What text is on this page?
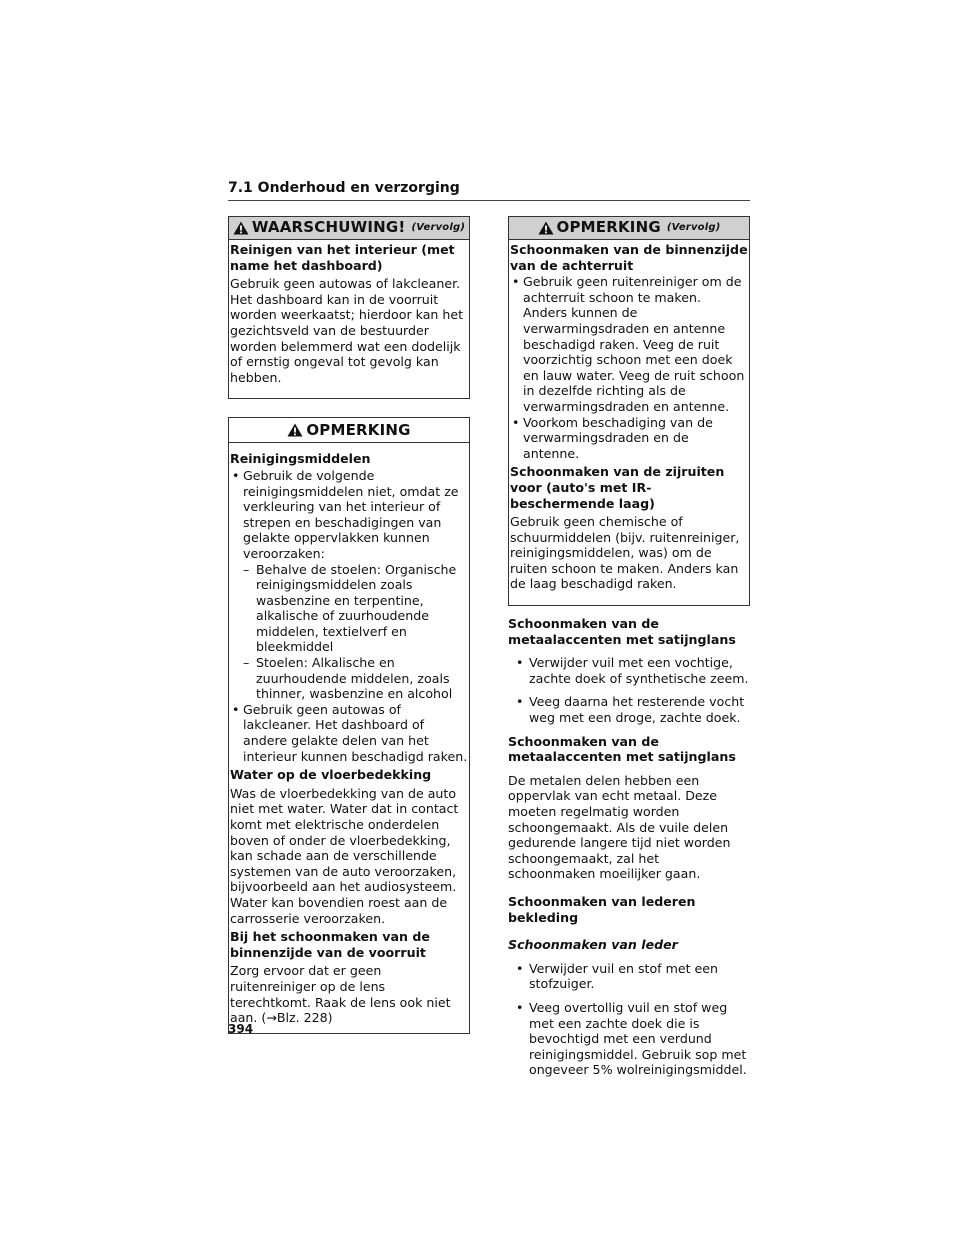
7.1 Onderhoud en verzorging
WAARSCHUWING! (Vervolg)

Reinigen van het interieur (met name het dashboard)

Gebruik geen autowas of lakcleaner. Het dashboard kan in de voorruit worden weerkaatst; hierdoor kan het gezichtsveld van de bestuurder worden belemmerd wat een dodelijk of ernstig ongeval tot gevolg kan hebben.

OPMERKING

Reinigingsmiddelen

• Gebruik de volgende reinigingsmiddelen niet, omdat ze verkleuring van het interieur of strepen en beschadigingen van gelakte oppervlakken kunnen veroorzaken:
– Behalve de stoelen: Organische reinigingsmiddelen zoals wasbenzine en terpentine, alkalische of zuurhoudende middelen, textielverf en bleekmiddel
– Stoelen: Alkalische en zuurhoudende middelen, zoals thinner, wasbenzine en alcohol
• Gebruik geen autowas of lakcleaner. Het dashboard of andere gelakte delen van het interieur kunnen beschadigd raken.

Water op de vloerbedekking

Was de vloerbedekking van de auto niet met water. Water dat in contact komt met elektrische onderdelen boven of onder de vloerbedekking, kan schade aan de verschillende systemen van de auto veroorzaken, bijvoorbeeld aan het audiosysteem. Water kan bovendien roest aan de carrosserie veroorzaken.

Bij het schoonmaken van de binnenzijde van de voorruit

Zorg ervoor dat er geen ruitenreiniger op de lens terechtkomt. Raak de lens ook niet aan. (→Blz. 228)

OPMERKING (Vervolg)

Schoonmaken van de binnenzijde van de achterruit

• Gebruik geen ruitenreiniger om de achterruit schoon te maken. Anders kunnen de verwarmingsdraden en antenne beschadigd raken. Veeg de ruit voorzichtig schoon met een doek en lauw water. Veeg de ruit schoon in dezelfde richting als de verwarmingsdraden en antenne.
• Voorkom beschadiging van de verwarmingsdraden en de antenne.

Schoonmaken van de zijruiten voor (auto's met IR-beschermende laag)

Gebruik geen chemische of schuurmiddelen (bijv. ruitenreiniger, reinigingsmiddelen, was) om de ruiten schoon te maken. Anders kan de laag beschadigd raken.

Schoonmaken van de metaalaccenten met satijnglans

• Verwijder vuil met een vochtige, zachte doek of synthetische zeem.
• Veeg daarna het resterende vocht weg met een droge, zachte doek.

Schoonmaken van de metaalaccenten met satijnglans

De metalen delen hebben een oppervlak van echt metaal. Deze moeten regelmatig worden schoongemaakt. Als de vuile delen gedurende langere tijd niet worden schoongemaakt, zal het schoonmaken moeilijker gaan.

Schoonmaken van lederen bekleding

Schoonmaken van leder

• Verwijder vuil en stof met een stofzuiger.
• Veeg overtollig vuil en stof weg met een zachte doek die is bevochtigd met een verdund reinigingsmiddel. Gebruik sop met ongeveer 5% wolreinigingsmiddel.
394
